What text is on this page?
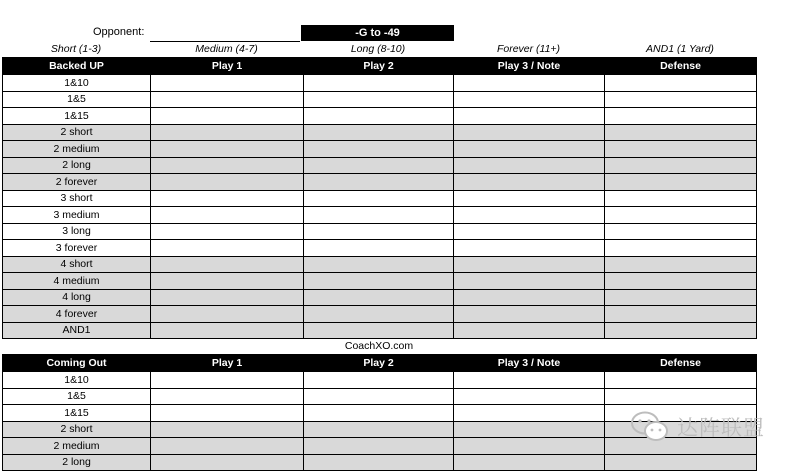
Opponent:	-G to -49
Short (1-3)	Medium (4-7)	Long (8-10)	Forever (11+)	AND1 (1 Yard)
Backed UP	Play 1	Play 2	Play 3 / Note	Defense
1&10				
1&5				
1&15				
2 short				
2 medium				
2 long				
2 forever				
3 short				
3 medium				
3 long				
3 forever				
4 short				
4 medium				
4 long				
4 forever				
AND1				
CoachXO.com
Coming Out	Play 1	Play 2	Play 3 / Note	Defense
1&10				
1&5				
1&15				
2 short				
2 medium				
2 long				
达阵联盟
